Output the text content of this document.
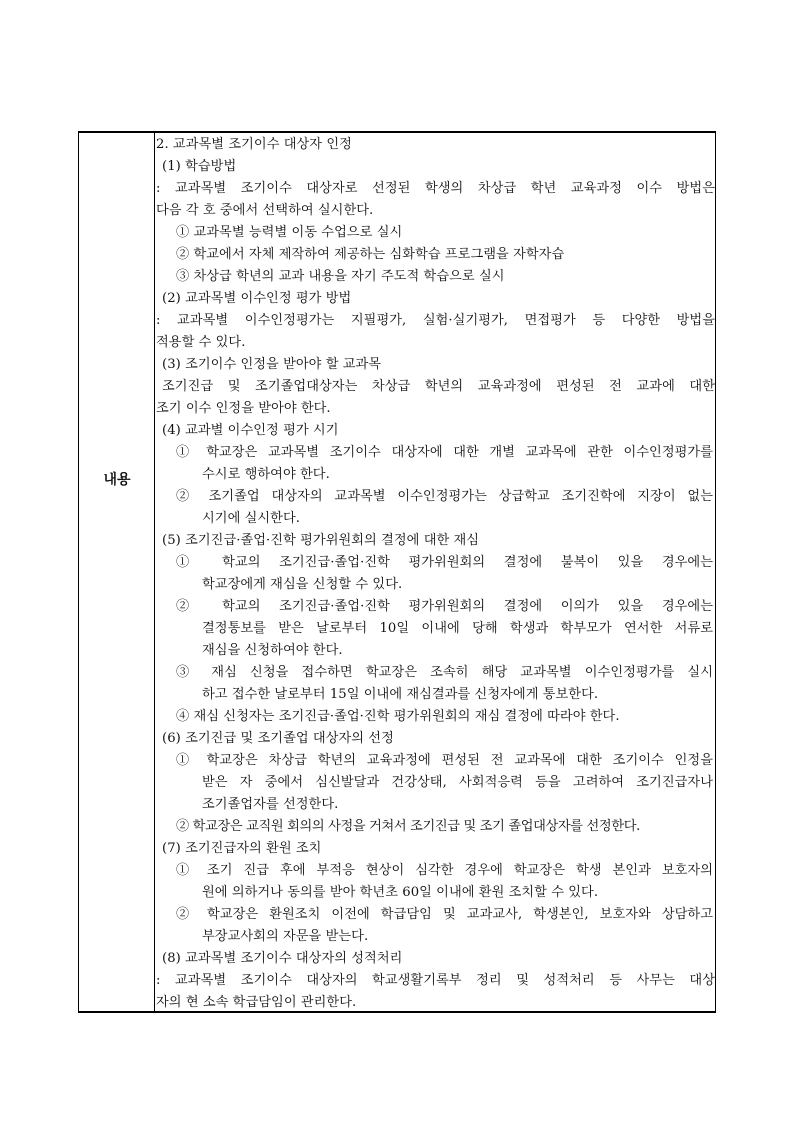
내용
2. 교과목별 조기이수 대상자 인정
(1) 학습방법
: 교과목별 조기이수 대상자로 선정된 학생의 차상급 학년 교육과정 이수 방법은
다음 각 호 중에서 선택하여 실시한다.
① 교과목별 능력별 이동 수업으로 실시
② 학교에서 자체 제작하여 제공하는 심화학습 프로그램을 자학자습
③ 차상급 학년의 교과 내용을 자기 주도적 학습으로 실시
(2) 교과목별 이수인정 평가 방법
: 교과목별 이수인정평가는 지필평가, 실험·실기평가, 면접평가 등 다양한 방법을
적용할 수 있다.
(3) 조기이수 인정을 받아야 할 교과목
조기진급 및 조기졸업대상자는 차상급 학년의 교육과정에 편성된 전 교과에 대한
조기 이수 인정을 받아야 한다.
(4) 교과별 이수인정 평가 시기
① 학교장은 교과목별 조기이수 대상자에 대한 개별 교과목에 관한 이수인정평가를
수시로 행하여야 한다.
② 조기졸업 대상자의 교과목별 이수인정평가는 상급학교 조기진학에 지장이 없는
시기에 실시한다.
(5) 조기진급·졸업·진학 평가위원회의 결정에 대한 재심
① 학교의 조기진급·졸업·진학 평가위원회의 결정에 불복이 있을 경우에는
학교장에게 재심을 신청할 수 있다.
② 학교의 조기진급·졸업·진학 평가위원회의 결정에 이의가 있을 경우에는
결정통보를 받은 날로부터 10일 이내에 당해 학생과 학부모가 연서한 서류로
재심을 신청하여야 한다.
③ 재심 신청을 접수하면 학교장은 조속히 해당 교과목별 이수인정평가를 실시
하고 접수한 날로부터 15일 이내에 재심결과를 신청자에게 통보한다.
④ 재심 신청자는 조기진급·졸업·진학 평가위원회의 재심 결정에 따라야 한다.
(6) 조기진급 및 조기졸업 대상자의 선정
① 학교장은 차상급 학년의 교육과정에 편성된 전 교과목에 대한 조기이수 인정을
받은 자 중에서 심신발달과 건강상태, 사회적응력 등을 고려하여 조기진급자나
조기졸업자를 선정한다.
② 학교장은 교직원 회의의 사정을 거쳐서 조기진급 및 조기 졸업대상자를 선정한다.
(7) 조기진급자의 환원 조치
① 조기 진급 후에 부적응 현상이 심각한 경우에 학교장은 학생 본인과 보호자의
원에 의하거나 동의를 받아 학년초 60일 이내에 환원 조치할 수 있다.
② 학교장은 환원조치 이전에 학급담임 및 교과교사, 학생본인, 보호자와 상담하고
부장교사회의 자문을 받는다.
(8) 교과목별 조기이수 대상자의 성적처리
: 교과목별 조기이수 대상자의 학교생활기록부 정리 및 성적처리 등 사무는 대상
자의 현 소속 학급담임이 관리한다.
